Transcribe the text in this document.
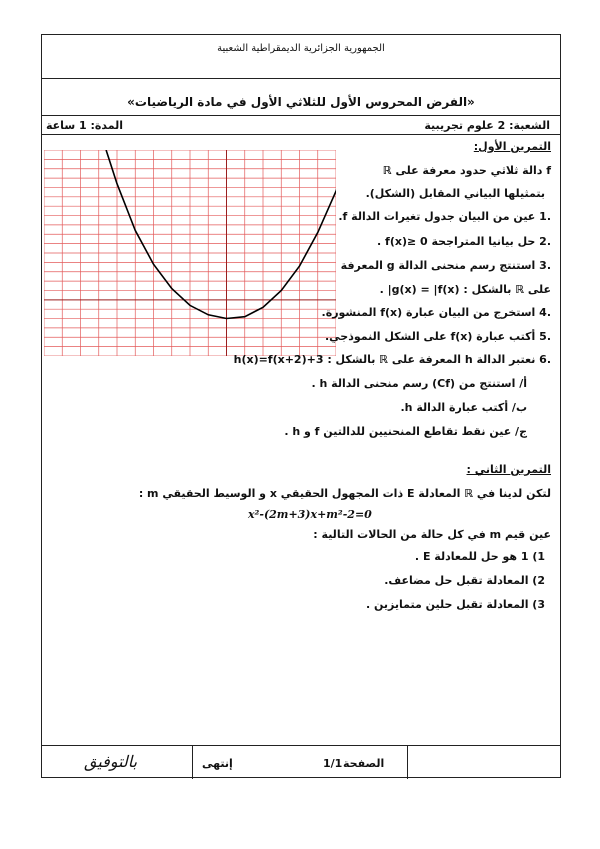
الجمهورية الجزائرية الديمقراطية الشعبية
«الفرض المحروس الأول للثلاثي الأول في مادة الرياضيات»
الشعبة: 2 علوم تجريبية
المدة: 1 ساعة
التمرين الأول:
f دالة ثلاثي حدود معرفة على ℝ
بتمثيلها البياني المقابل (الشكل).
.1 عين من البيان جدول تغيرات الدالة f.
.2 حل بيانيا المتراجحة f(x)≥ 0 .
.3 استنتج رسم منحنى الدالة g المعرفة
على ℝ بالشكل : g(x) = |f(x)| .
.4 استخرج من البيان عبارة f(x) المنشورة.
.5 أكتب عبارة f(x) على الشكل النموذجي.
.6 نعتبر الدالة h المعرفة على ℝ بالشكل : h(x)=f(x+2)+3
أ/ استنتج من (Cf) رسم منحنى الدالة h .
ب/ أكتب عبارة الدالة h.
ج/ عين نقط تقاطع المنحنيين للدالتين f و h .
التمرين الثاني :
لتكن لدينا في ℝ المعادلة E ذات المجهول الحقيقي x و الوسيط الحقيقي m :
x²-(2m+3)x+m²-2=0
عين قيم m في كل حالة من الحالات التالية :
1) 1 هو حل للمعادلة E .
2) المعادلة تقبل حل مضاعف.
3) المعادلة تقبل حلين متمايزين .
بالتوفيق	إنتهى	1/1 الصفحة
